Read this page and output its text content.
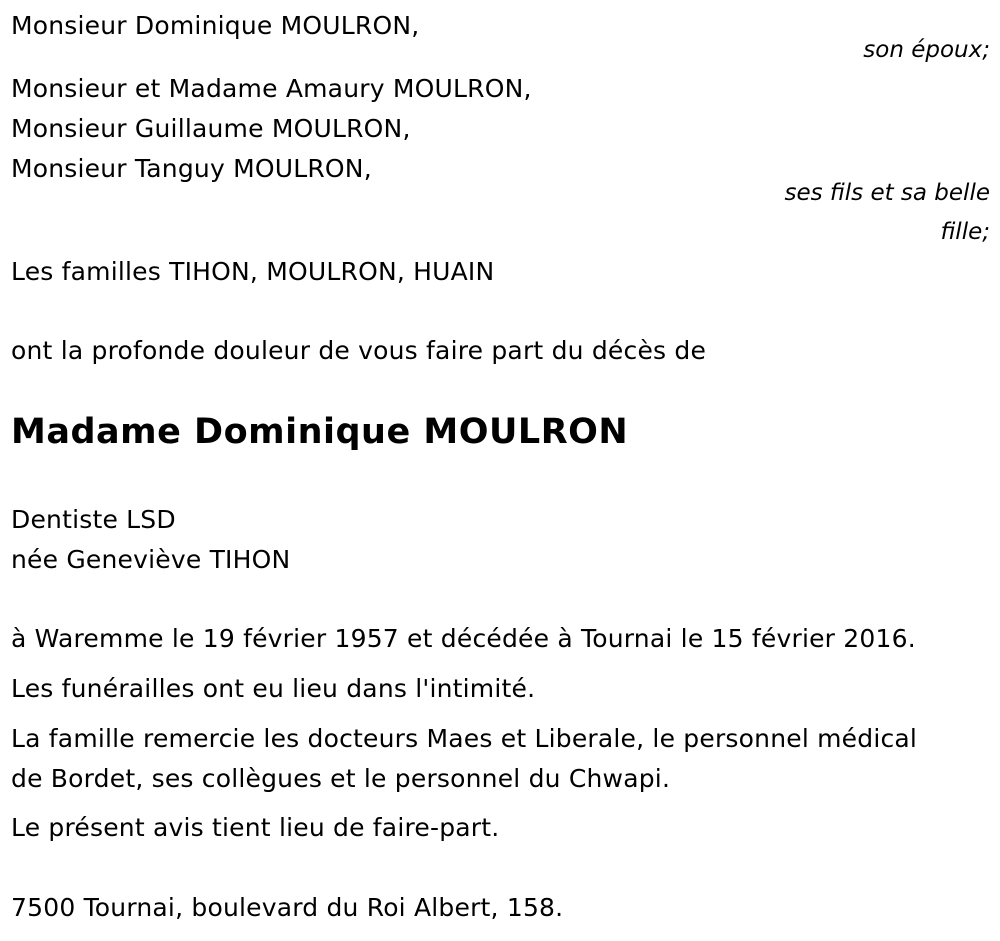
Monsieur Dominique MOULRON,
son époux;
Monsieur et Madame Amaury MOULRON,
Monsieur Guillaume MOULRON,
Monsieur Tanguy MOULRON,
ses fils et sa belle
fille;
Les familles TIHON, MOULRON, HUAIN
ont la profonde douleur de vous faire part du décès de
Madame Dominique MOULRON
Dentiste LSD
née Geneviève TIHON
à Waremme le 19 février 1957 et décédée à Tournai le 15 février 2016.
Les funérailles ont eu lieu dans l'intimité.
La famille remercie les docteurs Maes et Liberale, le personnel médical
de Bordet, ses collègues et le personnel du Chwapi.
Le présent avis tient lieu de faire-part.
7500 Tournai, boulevard du Roi Albert, 158.
